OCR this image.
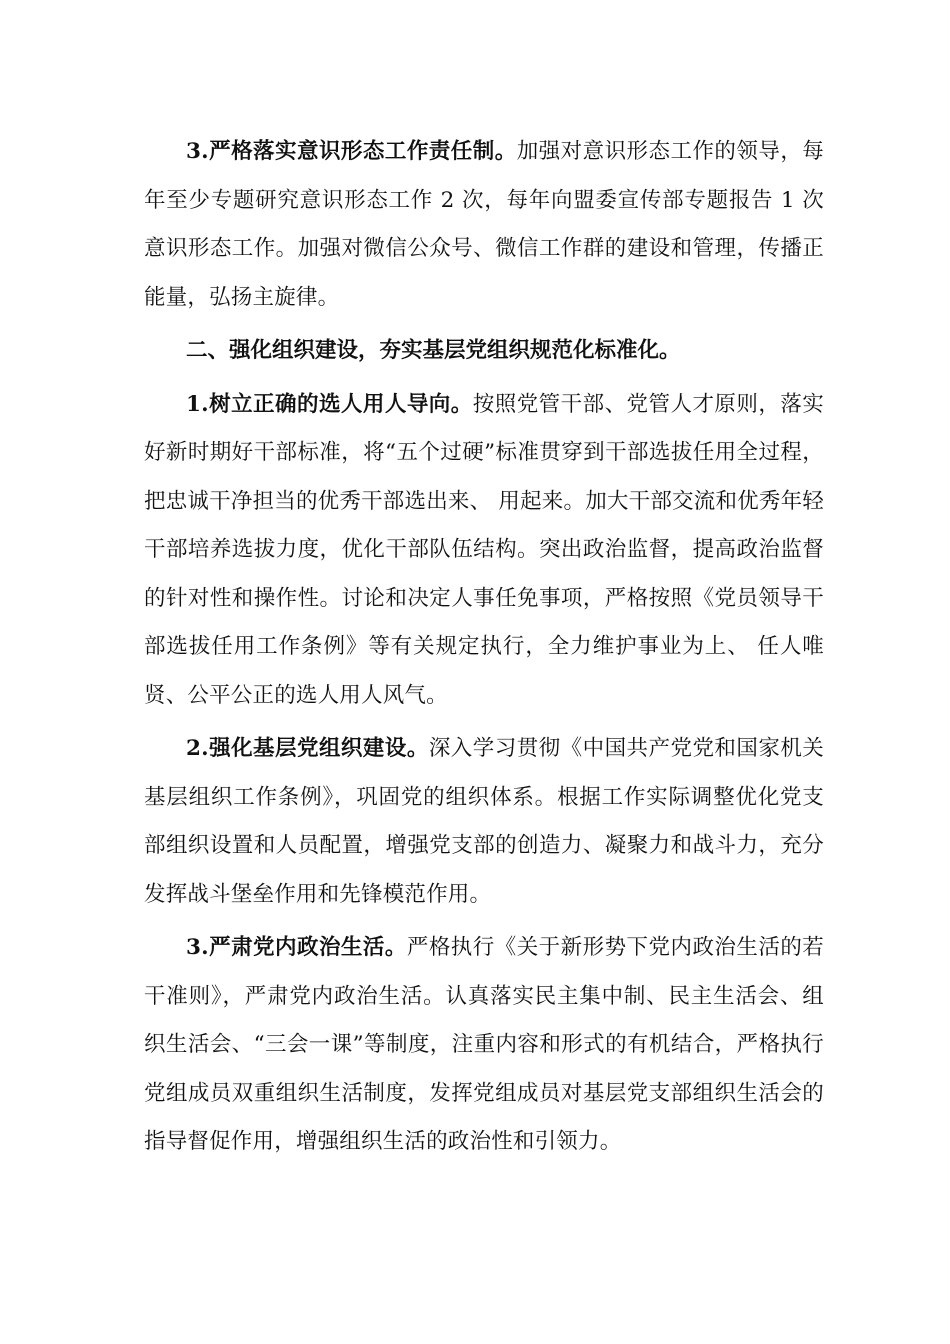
3.严格落实意识形态工作责任制。加强对意识形态工作的领导，每年至少专题研究意识形态工作 2 次，每年向盟委宣传部专题报告 1 次意识形态工作。加强对微信公众号、微信工作群的建设和管理，传播正能量，弘扬主旋律。

二、强化组织建设，夯实基层党组织规范化标准化。

1.树立正确的选人用人导向。按照党管干部、党管人才原则，落实好新时期好干部标准，将“五个过硬”标准贯穿到干部选拔任用全过程，把忠诚干净担当的优秀干部选出来、 用起来。加大干部交流和优秀年轻干部培养选拔力度，优化干部队伍结构。突出政治监督，提高政治监督的针对性和操作性。讨论和决定人事任免事项，严格按照《党员领导干部选拔任用工作条例》等有关规定执行，全力维护事业为上、 任人唯贤、公平公正的选人用人风气。

2.强化基层党组织建设。深入学习贯彻《中国共产党党和国家机关基层组织工作条例》，巩固党的组织体系。根据工作实际调整优化党支部组织设置和人员配置，增强党支部的创造力、凝聚力和战斗力，充分发挥战斗堡垒作用和先锋模范作用。

3.严肃党内政治生活。严格执行《关于新形势下党内政治生活的若干准则》，严肃党内政治生活。认真落实民主集中制、民主生活会、组织生活会、“三会一课”等制度，注重内容和形式的有机结合，严格执行党组成员双重组织生活制度，发挥党组成员对基层党支部组织生活会的指导督促作用，增强组织生活的政治性和引领力。
